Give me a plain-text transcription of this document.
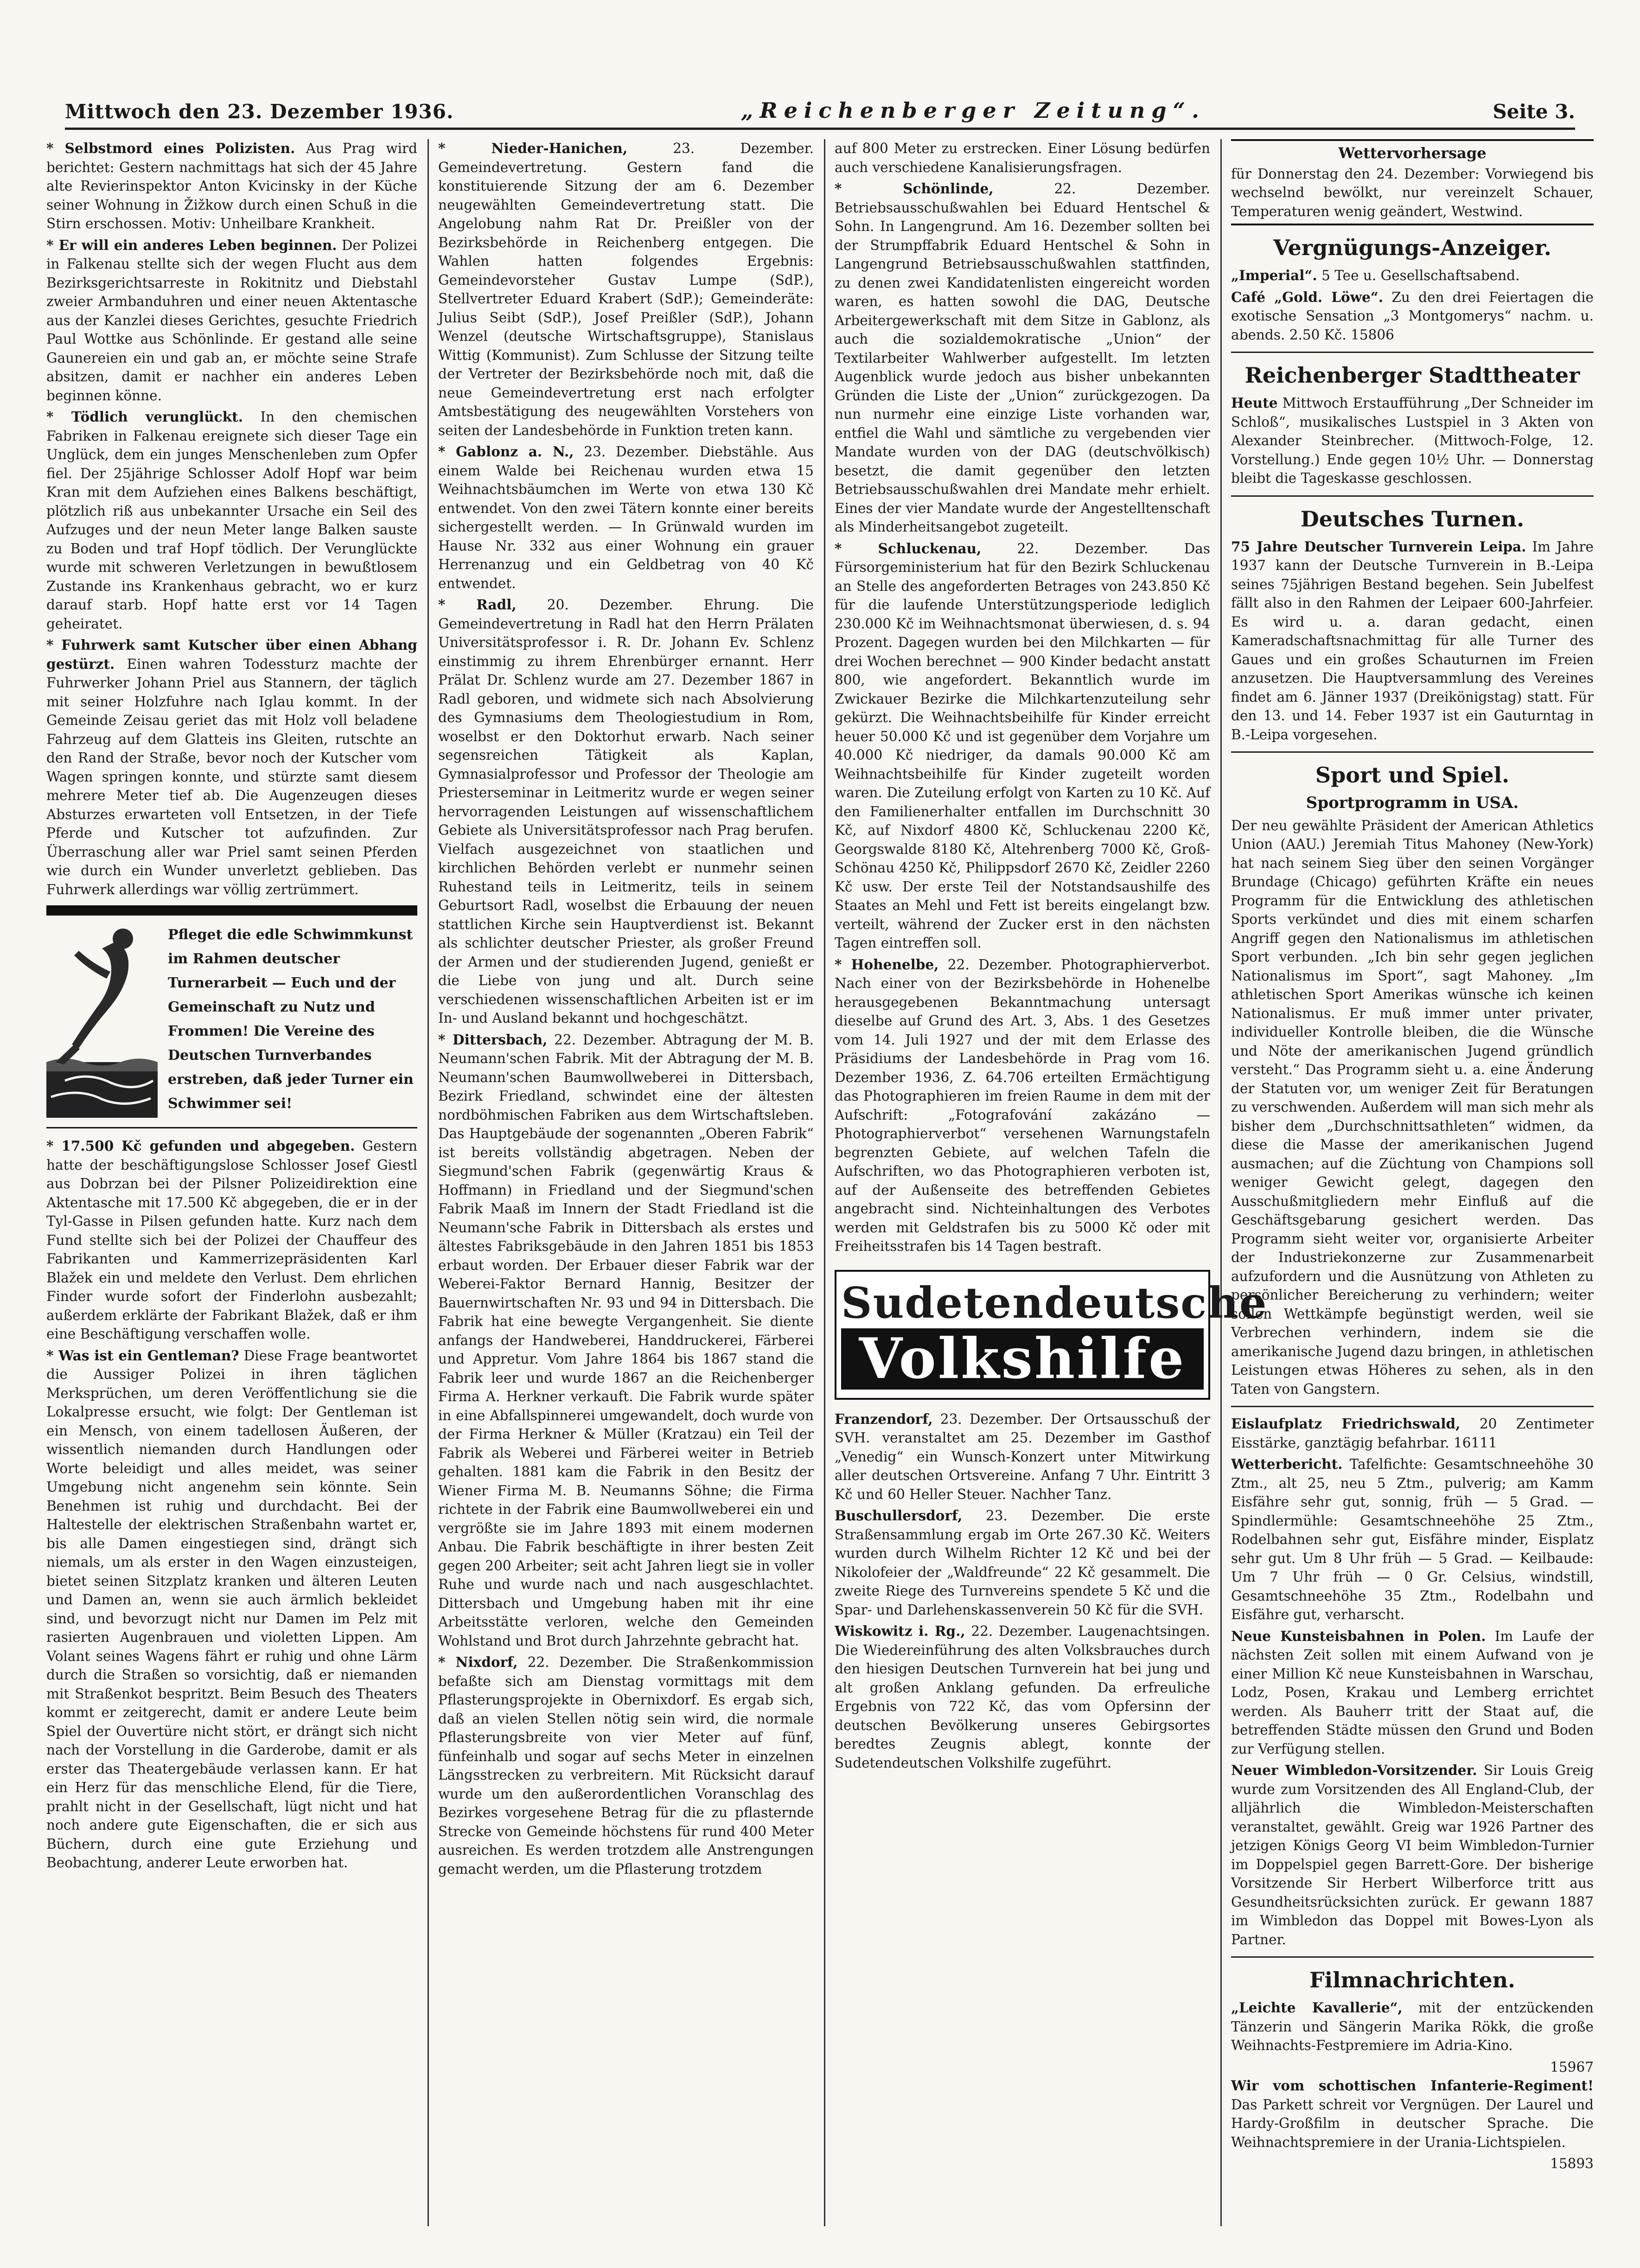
Mittwoch den 23. Dezember 1936.	„Reichenberger Zeitung“.	Seite 3.

* Selbstmord eines Polizisten. Aus Prag wird berichtet: Gestern nachmittags hat sich der 45 Jahre alte Revierinspektor Anton Kvicinsky in der Küche seiner Wohnung in Žižkow durch einen Schuß in die Stirn erschossen. Motiv: Unheilbare Krankheit.

* Er will ein anderes Leben beginnen. Der Polizei in Falkenau stellte sich der wegen Flucht aus dem Bezirksgerichtsarreste in Rokitnitz und Diebstahl zweier Armbanduhren und einer neuen Aktentasche aus der Kanzlei dieses Gerichtes, gesuchte Friedrich Paul Wottke aus Schönlinde. Er gestand alle seine Gaunereien ein und gab an, er möchte seine Strafe absitzen, damit er nachher ein anderes Leben beginnen könne.

* Tödlich verunglückt. In den chemischen Fabriken in Falkenau ereignete sich dieser Tage ein Unglück, dem ein junges Menschenleben zum Opfer fiel. Der 25jährige Schlosser Adolf Hopf war beim Kran mit dem Aufziehen eines Balkens beschäftigt, plötzlich riß aus unbekannter Ursache ein Seil des Aufzuges und der neun Meter lange Balken sauste zu Boden und traf Hopf tödlich. Der Verunglückte wurde mit schweren Verletzungen in bewußtlosem Zustande ins Krankenhaus gebracht, wo er kurz darauf starb. Hopf hatte erst vor 14 Tagen geheiratet.

* Fuhrwerk samt Kutscher über einen Abhang gestürzt. Einen wahren Todessturz machte der Fuhrwerker Johann Priel aus Stannern, der täglich mit seiner Holzfuhre nach Iglau kommt. In der Gemeinde Zeisau geriet das mit Holz voll beladene Fahrzeug auf dem Glatteis ins Gleiten, rutschte an den Rand der Straße, bevor noch der Kutscher vom Wagen springen konnte, und stürzte samt diesem mehrere Meter tief ab. Die Augenzeugen dieses Absturzes erwarteten voll Entsetzen, in der Tiefe Pferde und Kutscher tot aufzufinden. Zur Überraschung aller war Priel samt seinen Pferden wie durch ein Wunder unverletzt geblieben. Das Fuhrwerk allerdings war völlig zertrümmert.

Pfleget die edle Schwimmkunst im Rahmen deutscher Turnerarbeit — Euch und der Gemeinschaft zu Nutz und Frommen! Die Vereine des Deutschen Turnverbandes erstreben, daß jeder Turner ein Schwimmer sei!

* 17.500 Kč gefunden und abgegeben. Gestern hatte der beschäftigungslose Schlosser Josef Giestl aus Dobrzan bei der Pilsner Polizeidirektion eine Aktentasche mit 17.500 Kč abgegeben, die er in der Tyl-Gasse in Pilsen gefunden hatte. Kurz nach dem Fund stellte sich bei der Polizei der Chauffeur des Fabrikanten und Kammerrizepräsidenten Karl Blažek ein und meldete den Verlust. Dem ehrlichen Finder wurde sofort der Finderlohn ausbezahlt; außerdem erklärte der Fabrikant Blažek, daß er ihm eine Beschäftigung verschaffen wolle.

* Was ist ein Gentleman? Diese Frage beantwortet die Aussiger Polizei in ihren täglichen Merksprüchen, um deren Veröffentlichung sie die Lokalpresse ersucht, wie folgt: Der Gentleman ist ein Mensch, von einem tadellosen Äußeren, der wissentlich niemanden durch Handlungen oder Worte beleidigt und alles meidet, was seiner Umgebung nicht angenehm sein könnte. Sein Benehmen ist ruhig und durchdacht. Bei der Haltestelle der elektrischen Straßenbahn wartet er, bis alle Damen eingestiegen sind, drängt sich niemals, um als erster in den Wagen einzusteigen, bietet seinen Sitzplatz kranken und älteren Leuten und Damen an, wenn sie auch ärmlich bekleidet sind, und bevorzugt nicht nur Damen im Pelz mit rasierten Augenbrauen und violetten Lippen. Am Volant seines Wagens fährt er ruhig und ohne Lärm durch die Straßen so vorsichtig, daß er niemanden mit Straßenkot bespritzt. Beim Besuch des Theaters kommt er zeitgerecht, damit er andere Leute beim Spiel der Ouvertüre nicht stört, er drängt sich nicht nach der Vorstellung in die Garderobe, damit er als erster das Theatergebäude verlassen kann. Er hat ein Herz für das menschliche Elend, für die Tiere, prahlt nicht in der Gesellschaft, lügt nicht und hat noch andere gute Eigenschaften, die er sich aus Büchern, durch eine gute Erziehung und Beobachtung, anderer Leute erworben hat.

* Nieder-Hanichen,	23. Dezember. Gemeindevertretung. Gestern fand die konstituierende Sitzung der am 6. Dezember neugewählten Gemeindevertretung statt. Die Angelobung nahm Rat Dr. Preißler von der Bezirksbehörde in Reichenberg entgegen. Die Wahlen hatten folgendes Ergebnis: Gemeindevorsteher Gustav Lumpe (SdP.), Stellvertreter Eduard Krabert (SdP.); Gemeinderäte: Julius Seibt (SdP.), Josef Preißler (SdP.), Johann Wenzel (deutsche Wirtschaftsgruppe), Stanislaus Wittig (Kommunist). Zum Schlusse der Sitzung teilte der Vertreter der Bezirksbehörde noch mit, daß die neue Gemeindevertretung erst nach erfolgter Amtsbestätigung des neugewählten Vorstehers von seiten der Landesbehörde in Funktion treten kann.

* Gablonz a. N., 23. Dezember. Diebstähle. Aus einem Walde bei Reichenau wurden etwa 15 Weihnachtsbäumchen im Werte von etwa 130 Kč entwendet. Von den zwei Tätern konnte einer bereits sichergestellt werden. — In Grünwald wurden im Hause Nr. 332 aus einer Wohnung ein grauer Herrenanzug und ein Geldbetrag von 40 Kč entwendet.

* Radl, 20. Dezember. Ehrung. Die Gemeindevertretung in Radl hat den Herrn Prälaten Universitätsprofessor i. R. Dr. Johann Ev. Schlenz einstimmig zu ihrem Ehrenbürger ernannt. Herr Prälat Dr. Schlenz wurde am 27. Dezember 1867 in Radl geboren, und widmete sich nach Absolvierung des Gymnasiums dem Theologiestudium in Rom, woselbst er den Doktorhut erwarb. Nach seiner segensreichen Tätigkeit als Kaplan, Gymnasialprofessor und Professor der Theologie am Priesterseminar in Leitmeritz wurde er wegen seiner hervorragenden Leistungen auf wissenschaftlichem Gebiete als Universitätsprofessor nach Prag berufen. Vielfach ausgezeichnet von staatlichen und kirchlichen Behörden verlebt er nunmehr seinen Ruhestand teils in Leitmeritz, teils in seinem Geburtsort Radl, woselbst die Erbauung der neuen stattlichen Kirche sein Hauptverdienst ist. Bekannt als schlichter deutscher Priester, als großer Freund der Armen und der studierenden Jugend, genießt er die Liebe von jung und alt. Durch seine verschiedenen wissenschaftlichen Arbeiten ist er im In- und Ausland bekannt und hochgeschätzt.

* Dittersbach, 22. Dezember. Abtragung der M. B. Neumann'schen Fabrik. Mit der Abtragung der M. B. Neumann'schen Baumwollweberei in Dittersbach, Bezirk Friedland, schwindet eine der ältesten nordböhmischen Fabriken aus dem Wirtschaftsleben. Das Hauptgebäude der sogenannten „Oberen Fabrik“ ist bereits vollständig abgetragen. Neben der Siegmund'schen Fabrik (gegenwärtig Kraus & Hoffmann) in Friedland und der Siegmund'schen Fabrik Maaß im Innern der Stadt Friedland ist die Neumann'sche Fabrik in Dittersbach als erstes und ältestes Fabriksgebäude in den Jahren 1851 bis 1853 erbaut worden. Der Erbauer dieser Fabrik war der Weberei-Faktor Bernard Hannig, Besitzer der Bauernwirtschaften Nr. 93 und 94 in Dittersbach. Die Fabrik hat eine bewegte Vergangenheit. Sie diente anfangs der Handweberei, Handdruckerei, Färberei und Appretur. Vom Jahre 1864 bis 1867 stand die Fabrik leer und wurde 1867 an die Reichenberger Firma A. Herkner verkauft. Die Fabrik wurde später in eine Abfallspinnerei umgewandelt, doch wurde von der Firma Herkner & Müller (Kratzau) ein Teil der Fabrik als Weberei und Färberei weiter in Betrieb gehalten. 1881 kam die Fabrik in den Besitz der Wiener Firma M. B. Neumanns Söhne; die Firma richtete in der Fabrik eine Baumwollweberei ein und vergrößte sie im Jahre 1893 mit einem modernen Anbau. Die Fabrik beschäftigte in ihrer besten Zeit gegen 200 Arbeiter; seit acht Jahren liegt sie in voller Ruhe und wurde nach und nach ausgeschlachtet. Dittersbach und Umgebung haben mit ihr eine Arbeitsstätte verloren, welche den Gemeinden Wohlstand und Brot durch Jahrzehnte gebracht hat.

* Nixdorf, 22. Dezember. Die Straßenkommission befaßte sich am Dienstag vormittags mit dem Pflasterungsprojekte in Obernixdorf. Es ergab sich, daß an vielen Stellen nötig sein wird, die normale Pflasterungsbreite von vier Meter auf fünf, fünfeinhalb und sogar auf sechs Meter in einzelnen Längsstrecken zu verbreitern. Mit Rücksicht darauf wurde um den außerordentlichen Voranschlag des Bezirkes vorgesehene Betrag für die zu pflasternde Strecke von Gemeinde höchstens für rund 400 Meter ausreichen. Es werden trotzdem alle Anstrengungen gemacht werden, um die Pflasterung trotzdem

auf 800 Meter zu erstrecken. Einer Lösung bedürfen auch verschiedene Kanalisierungsfragen.

* Schönlinde,	22. Dezember. Betriebsausschußwahlen bei Eduard Hentschel & Sohn. In Langengrund. Am 16. Dezember sollten bei der Strumpffabrik Eduard Hentschel & Sohn in Langengrund Betriebsausschußwahlen stattfinden, zu denen zwei Kandidatenlisten eingereicht worden waren, es hatten sowohl die DAG, Deutsche Arbeitergewerkschaft mit dem Sitze in Gablonz, als auch die sozialdemokratische „Union“ der Textilarbeiter Wahlwerber aufgestellt. Im letzten Augenblick wurde jedoch aus bisher unbekannten Gründen die Liste der „Union“ zurückgezogen. Da nun nurmehr eine einzige Liste vorhanden war, entfiel die Wahl und sämtliche zu vergebenden vier Mandate wurden von der DAG (deutschvölkisch) besetzt, die damit gegenüber den letzten Betriebsausschußwahlen drei Mandate mehr erhielt. Eines der vier Mandate wurde der Angestelltenschaft als Minderheitsangebot zugeteilt.

* Schluckenau,	22. Dezember. Das Fürsorgeministerium hat für den Bezirk Schluckenau an Stelle des angeforderten Betrages von 243.850 Kč für die laufende Unterstützungsperiode lediglich 230.000 Kč im Weihnachtsmonat überwiesen, d. s. 94 Prozent. Dagegen wurden bei den Milchkarten — für drei Wochen berechnet — 900 Kinder bedacht anstatt 800, wie angefordert. Bekanntlich wurde im Zwickauer Bezirke die Milchkartenzuteilung sehr gekürzt. Die Weihnachtsbeihilfe für Kinder erreicht heuer 50.000 Kč und ist gegenüber dem Vorjahre um 40.000 Kč niedriger, da damals 90.000 Kč am Weihnachtsbeihilfe für Kinder zugeteilt worden waren. Die Zuteilung erfolgt von Karten zu 10 Kč. Auf den Familienerhalter entfallen im Durchschnitt 30 Kč, auf Nixdorf 4800 Kč, Schluckenau 2200 Kč, Georgswalde 8180 Kč, Altehrenberg 7000 Kč, Groß-Schönau 4250 Kč, Philippsdorf 2670 Kč, Zeidler 2260 Kč usw. Der erste Teil der Notstandsaushilfe des Staates an Mehl und Fett ist bereits eingelangt bzw. verteilt, während der Zucker erst in den nächsten Tagen eintreffen soll.

* Hohenelbe, 22. Dezember. Photographierverbot. Nach einer von der Bezirksbehörde in Hohenelbe herausgegebenen Bekanntmachung untersagt dieselbe auf Grund des Art. 3, Abs. 1 des Gesetzes vom 14. Juli 1927 und der mit dem Erlasse des Präsidiums der Landesbehörde in Prag vom 16. Dezember 1936, Z. 64.706 erteilten Ermächtigung das Photographieren im freien Raume in dem mit der Aufschrift: „Fotografování zakázáno — Photographierverbot“ versehenen Warnungstafeln begrenzten Gebiete, auf welchen Tafeln die Aufschriften, wo das Photographieren verboten ist, auf der Außenseite des betreffenden Gebietes angebracht sind. Nichteinhaltungen des Verbotes werden mit Geldstrafen bis zu 5000 Kč oder mit Freiheitsstrafen bis 14 Tagen bestraft.

Sudetendeutsche
Volkshilfe

Franzendorf, 23. Dezember. Der Ortsausschuß der SVH. veranstaltet am 25. Dezember im Gasthof „Venedig“ ein Wunsch-Konzert unter Mitwirkung aller deutschen Ortsvereine. Anfang 7 Uhr. Eintritt 3 Kč und 60 Heller Steuer. Nachher Tanz.

Buschullersdorf, 23. Dezember. Die erste Straßensammlung ergab im Orte 267.30 Kč. Weiters wurden durch Wilhelm Richter 12 Kč und bei der Nikolofeier der „Waldfreunde“ 22 Kč gesammelt. Die zweite Riege des Turnvereins spendete 5 Kč und die Spar- und Darlehenskassenverein 50 Kč für die SVH.

Wiskowitz i. Rg., 22. Dezember. Laugenachtsingen. Die Wiedereinführung des alten Volksbrauches durch den hiesigen Deutschen Turnverein hat bei jung und alt großen Anklang gefunden. Da erfreuliche Ergebnis von 722 Kč, das vom Opfersinn der deutschen Bevölkerung unseres Gebirgsortes beredtes Zeugnis ablegt, konnte der Sudetendeutschen Volkshilfe zugeführt.

Wettervorhersage
für Donnerstag den 24. Dezember: Vorwiegend bis wechselnd bewölkt, nur vereinzelt Schauer, Temperaturen wenig geändert, Westwind.
Vergnügungs-Anzeiger.

„Imperial“. 5 Tee u. Gesellschaftsabend.

Café „Gold. Löwe“. Zu den drei Feiertagen die exotische Sensation „3 Montgomerys“ nachm. u. abends. 2.50 Kč. 15806

Reichenberger Stadttheater

Heute Mittwoch Erstaufführung „Der Schneider im Schloß“, musikalisches Lustspiel in 3 Akten von Alexander Steinbrecher. (Mittwoch-Folge, 12. Vorstellung.) Ende gegen 10½ Uhr. — Donnerstag bleibt die Tageskasse geschlossen.

Deutsches Turnen.

75 Jahre Deutscher Turnverein Leipa. Im Jahre 1937 kann der Deutsche Turnverein in B.-Leipa seines 75jährigen Bestand begehen. Sein Jubelfest fällt also in den Rahmen der Leipaer 600-Jahrfeier. Es wird u. a. daran gedacht, einen Kameradschaftsnachmittag für alle Turner des Gaues und ein großes Schauturnen im Freien anzusetzen. Die Hauptversammlung des Vereines findet am 6. Jänner 1937 (Dreikönigstag) statt. Für den 13. und 14. Feber 1937 ist ein Gauturntag in B.-Leipa vorgesehen.

Sport und Spiel.
Sportprogramm in USA.

Der neu gewählte Präsident der American Athletics Union (AAU.) Jeremiah Titus Mahoney (New-York) hat nach seinem Sieg über den seinen Vorgänger Brundage (Chicago) geführten Kräfte ein neues Programm für die Entwicklung des athletischen Sports verkündet und dies mit einem scharfen Angriff gegen den Nationalismus im athletischen Sport verbunden. „Ich bin sehr gegen jeglichen Nationalismus im Sport“, sagt Mahoney. „Im athletischen Sport Amerikas wünsche ich keinen Nationalismus. Er muß immer unter privater, individueller Kontrolle bleiben, die die Wünsche und Nöte der amerikanischen Jugend gründlich versteht.“ Das Programm sieht u. a. eine Änderung der Statuten vor, um weniger Zeit für Beratungen zu verschwenden. Außerdem will man sich mehr als bisher dem „Durchschnittsathleten“ widmen, da diese die Masse der amerikanischen Jugend ausmachen; auf die Züchtung von Champions soll weniger Gewicht gelegt, dagegen den Ausschußmitgliedern mehr Einfluß auf die Geschäftsgebarung gesichert werden. Das Programm sieht weiter vor, organisierte Arbeiter der Industriekonzerne zur Zusammenarbeit aufzufordern und die Ausnützung von Athleten zu persönlicher Bereicherung zu verhindern; weiter sollen Wettkämpfe begünstigt werden, weil sie Verbrechen verhindern, indem sie die amerikanische Jugend dazu bringen, in athletischen Leistungen etwas Höheres zu sehen, als in den Taten von Gangstern.

Eislaufplatz Friedrichswald, 20 Zentimeter Eisstärke, ganztägig befahrbar. 16111

Wetterbericht. Tafelfichte: Gesamtschneehöhe 30 Ztm., alt 25, neu 5 Ztm., pulverig; am Kamm Eisfähre sehr gut, sonnig, früh — 5 Grad. — Spindlermühle: Gesamtschneehöhe 25 Ztm., Rodelbahnen sehr gut, Eisfähre minder, Eisplatz sehr gut. Um 8 Uhr früh — 5 Grad. — Keilbaude: Um 7 Uhr früh — 0 Gr. Celsius, windstill, Gesamtschneehöhe 35 Ztm., Rodelbahn und Eisfähre gut, verharscht.

Neue Kunsteisbahnen in Polen. Im Laufe der nächsten Zeit sollen mit einem Aufwand von je einer Million Kč neue Kunsteisbahnen in Warschau, Lodz, Posen, Krakau und Lemberg errichtet werden. Als Bauherr tritt der Staat auf, die betreffenden Städte müssen den Grund und Boden zur Verfügung stellen.

Neuer Wimbledon-Vorsitzender. Sir Louis Greig wurde zum Vorsitzenden des All England-Club, der alljährlich die Wimbledon-Meisterschaften veranstaltet, gewählt. Greig war 1926 Partner des jetzigen Königs Georg VI beim Wimbledon-Turnier im Doppelspiel gegen Barrett-Gore. Der bisherige Vorsitzende Sir Herbert Wilberforce tritt aus Gesundheitsrücksichten zurück. Er gewann 1887 im Wimbledon das Doppel mit Bowes-Lyon als Partner.

Filmnachrichten.

„Leichte Kavallerie“, mit der entzückenden Tänzerin und Sängerin Marika Rökk, die große Weihnachts-Festpremiere im Adria-Kino.

15967

Wir vom schottischen Infanterie-Regiment! Das Parkett schreit vor Vergnügen. Der Laurel und Hardy-Großfilm in deutscher Sprache. Die Weihnachtspremiere in der Urania-Lichtspielen.

15893
